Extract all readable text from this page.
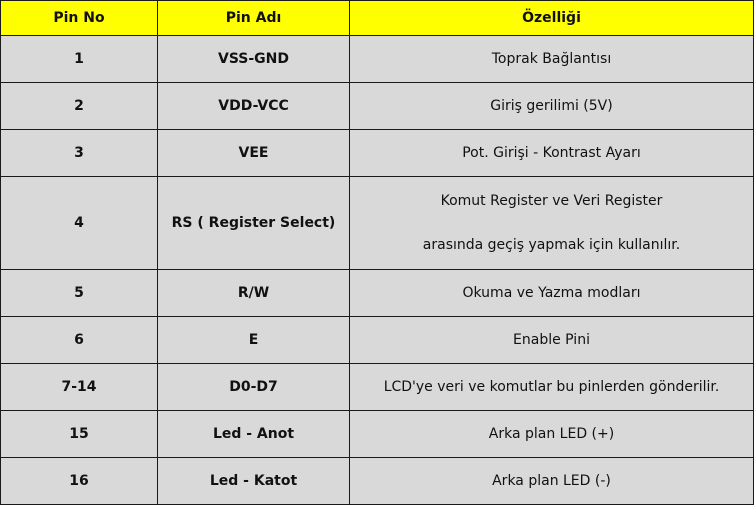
Pin No	Pin Adı	Özelliği
1	VSS-GND	Toprak Bağlantısı

2	VDD-VCC	Giriş gerilimi (5V)

3	VEE	Pot. Girişi - Kontrast Ayarı

4	RS ( Register Select)	Komut Register ve Veri Register
arasında geçiş yapmak için kullanılır.

5	R/W	Okuma ve Yazma modları

6	E	Enable Pini

7-14	D0-D7	LCD'ye veri ve komutlar bu pinlerden gönderilir.

15	Led - Anot	Arka plan LED (+)

16	Led - Katot	Arka plan LED (-)
